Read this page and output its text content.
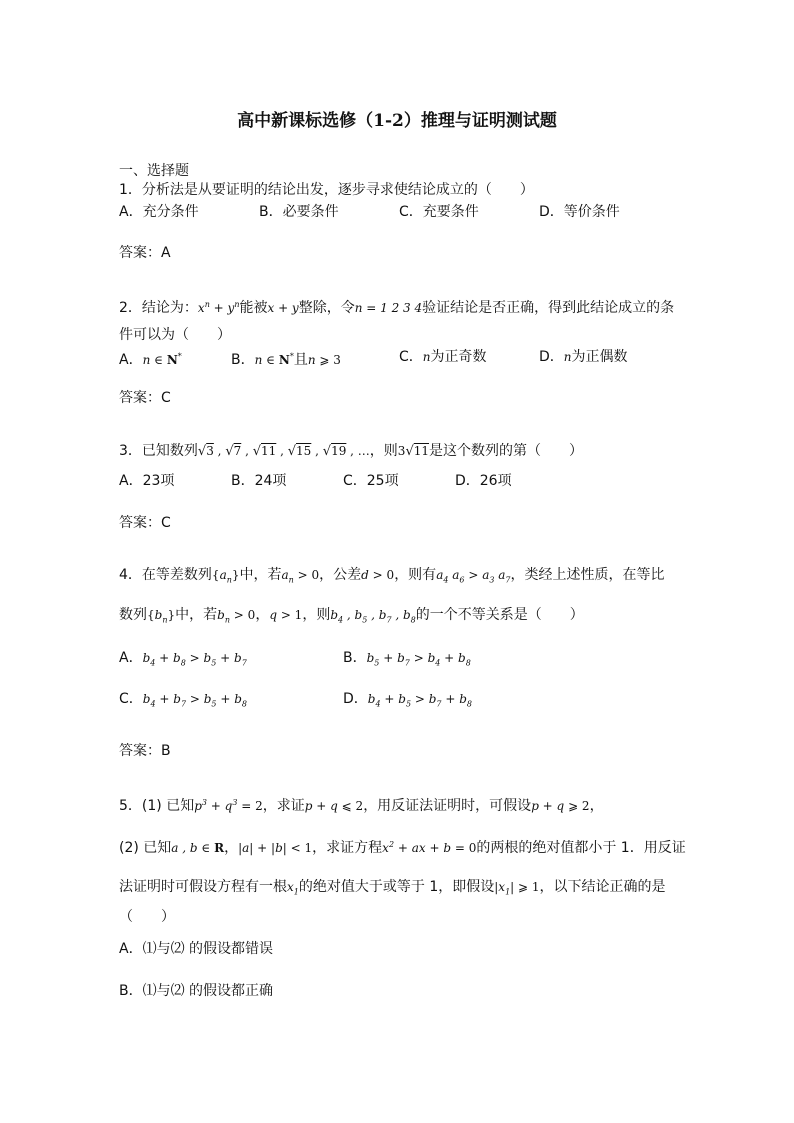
高中新课标选修（1-2）推理与证明测试题
一、选择题
1．分析法是从要证明的结论出发，逐步寻求使结论成立的（　　）
A．充分条件	B．必要条件	C．充要条件	D．等价条件
答案：A
2．结论为：$x^n + y^n$能被x + y整除，令n = 1 2 3 4验证结论是否正确，得到此结论成立的条
件可以为（　　）
A．n ∈ N*	B．n ∈ N*且n ⩾ 3	C．n为正奇数	D．n为正偶数
答案：C
3．已知数列√3 , √7 , √11 , √15 , √19 , …，则3√11是这个数列的第（　　）
A．23项	B．24项	C．25项	D．26项
答案：C
4．在等差数列$\{a_n\}$中，若$a_n > 0$，公差d > 0，则有$a_4$ $a_6 > a_3$ $a_7$，类经上述性质，在等比
数列$\{b_n\}$中，若$b_n > 0$，q > 1，则$b_4$ , $b_5$ , $b_7$ , $b_8$的一个不等关系是（　　）
A．$b_4 + b_8 > b_5 + b_7$	B．$b_5 + b_7 > b_4 + b_8$
C．$b_4 + b_7 > b_5 + b_8$	D．$b_4 + b_5 > b_7 + b_8$
答案：B
5．(1) 已知$p^3 + q^3 = 2$，求证p + q ⩽ 2，用反证法证明时，可假设p + q ⩾ 2，
(2) 已知a , b ∈ R，|a| + |b| < 1，求证方程$x^2$ + ax + b = 0的两根的绝对值都小于 1．用反证
法证明时可假设方程有一根$x_1$的绝对值大于或等于 1，即假设$|x_1|$ ⩾ 1，以下结论正确的是
（　　）
A．⑴与⑵ 的假设都错误
B．⑴与⑵ 的假设都正确
